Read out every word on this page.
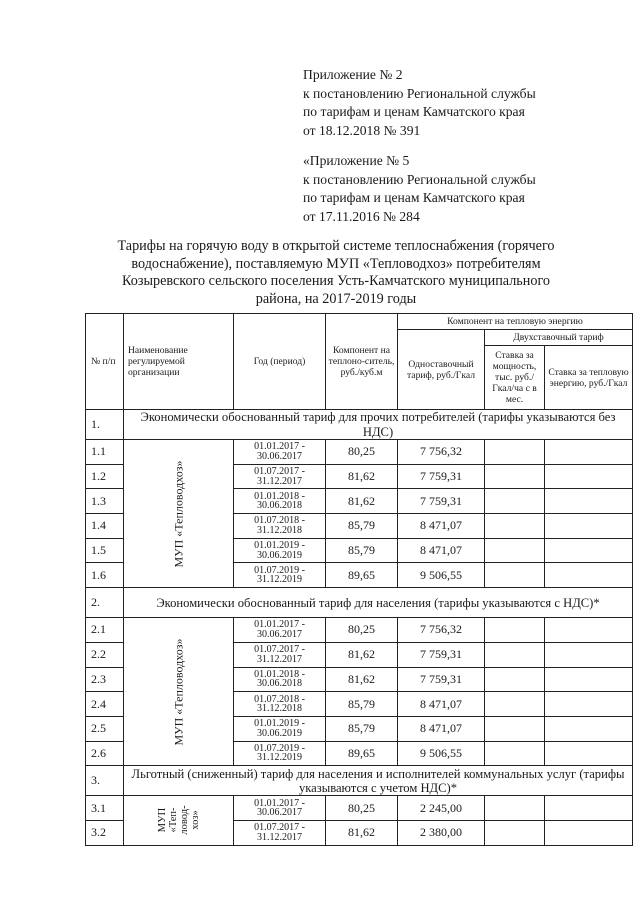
Приложение № 2
к постановлению Региональной службы
по тарифам и ценам Камчатского края
от 18.12.2018 № 391
«Приложение № 5
к постановлению Региональной службы
по тарифам и ценам Камчатского края
от 17.11.2016 № 284
Тарифы на горячую воду в открытой системе теплоснабжения (горячего
водоснабжение), поставляемую МУП «Тепловодхоз» потребителям
Козыревского сельского поселения Усть-Камчатского муниципального
района, на 2017-2019 годы
№ п/п	Наименование регулируемой организации	Год (период)	Компонент на теплоно-ситель, руб./куб.м	Компонент на тепловую энергию		
				Одноставочный тариф, руб./Гкал	Двухставочный тариф	
					Ставка за мощность, тыс. руб./Гкал/ча с в мес.	Ставка за тепловую энергию, руб./Гкал
1.	Экономически обоснованный тариф для прочих потребителей (тарифы указываются без НДС)					
1.1	МУП «Тепловодхоз»	01.01.2017 - 30.06.2017	80,25	7 756,32		
1.2		01.07.2017 - 31.12.2017	81,62	7 759,31		
1.3		01.01.2018 - 30.06.2018	81,62	7 759,31		
1.4		01.07.2018 - 31.12.2018	85,79	8 471,07		
1.5		01.01.2019 - 30.06.2019	85,79	8 471,07		
1.6		01.07.2019 - 31.12.2019	89,65	9 506,55		
2.	Экономически обоснованный тариф для населения (тарифы указываются с НДС)*					
2.1	МУП «Тепловодхоз»	01.01.2017 - 30.06.2017	80,25	7 756,32		
2.2		01.07.2017 - 31.12.2017	81,62	7 759,31		
2.3		01.01.2018 - 30.06.2018	81,62	7 759,31		
2.4		01.07.2018 - 31.12.2018	85,79	8 471,07		
2.5		01.01.2019 - 30.06.2019	85,79	8 471,07		
2.6		01.07.2019 - 31.12.2019	89,65	9 506,55		
3.	Льготный (сниженный) тариф для населения и исполнителей коммунальных услуг (тарифы указываются с учетом НДС)*					
3.1	МУП «Теп-ловод-хоз»	01.01.2017 - 30.06.2017	80,25	2 245,00		
3.2		01.07.2017 - 31.12.2017	81,62	2 380,00		
